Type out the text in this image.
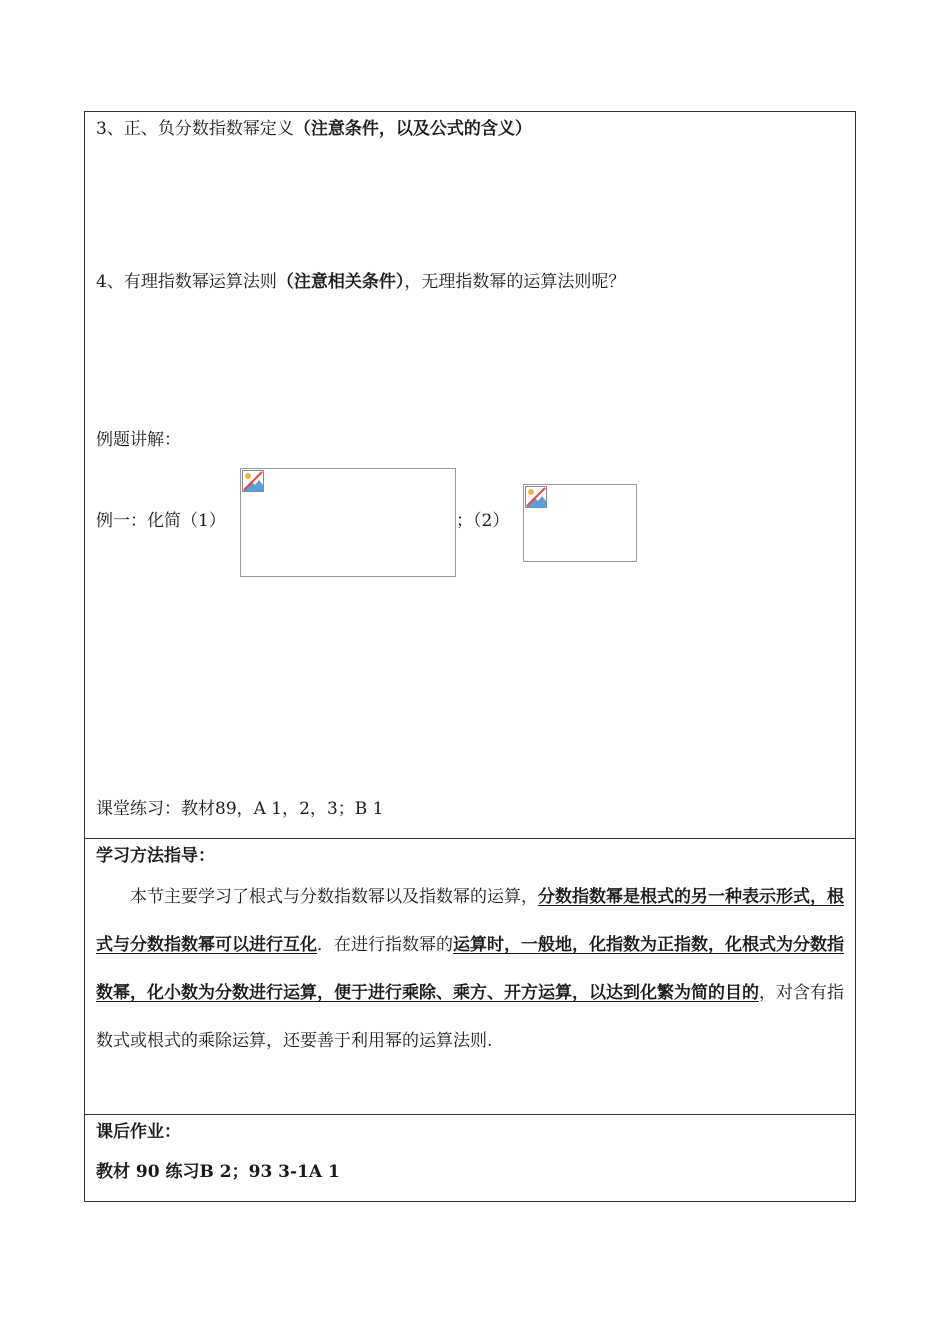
3、正、负分数指数幂定义（注意条件，以及公式的含义）
4、有理指数幂运算法则（注意相关条件），无理指数幂的运算法则呢？
例题讲解：
例一：化简（1）	；（2）
课堂练习：教材89，A 1，2，3；B 1
学习方法指导：
本节主要学习了根式与分数指数幂以及指数幂的运算，分数指数幂是根式的另一种表示形式，根式与分数指数幂可以进行互化．在进行指数幂的运算时，一般地，化指数为正指数，化根式为分数指数幂，化小数为分数进行运算，便于进行乘除、乘方、开方运算，以达到化繁为简的目的，对含有指数式或根式的乘除运算，还要善于利用幂的运算法则.
课后作业：
教材 90 练习B 2；93 3-1A 1
